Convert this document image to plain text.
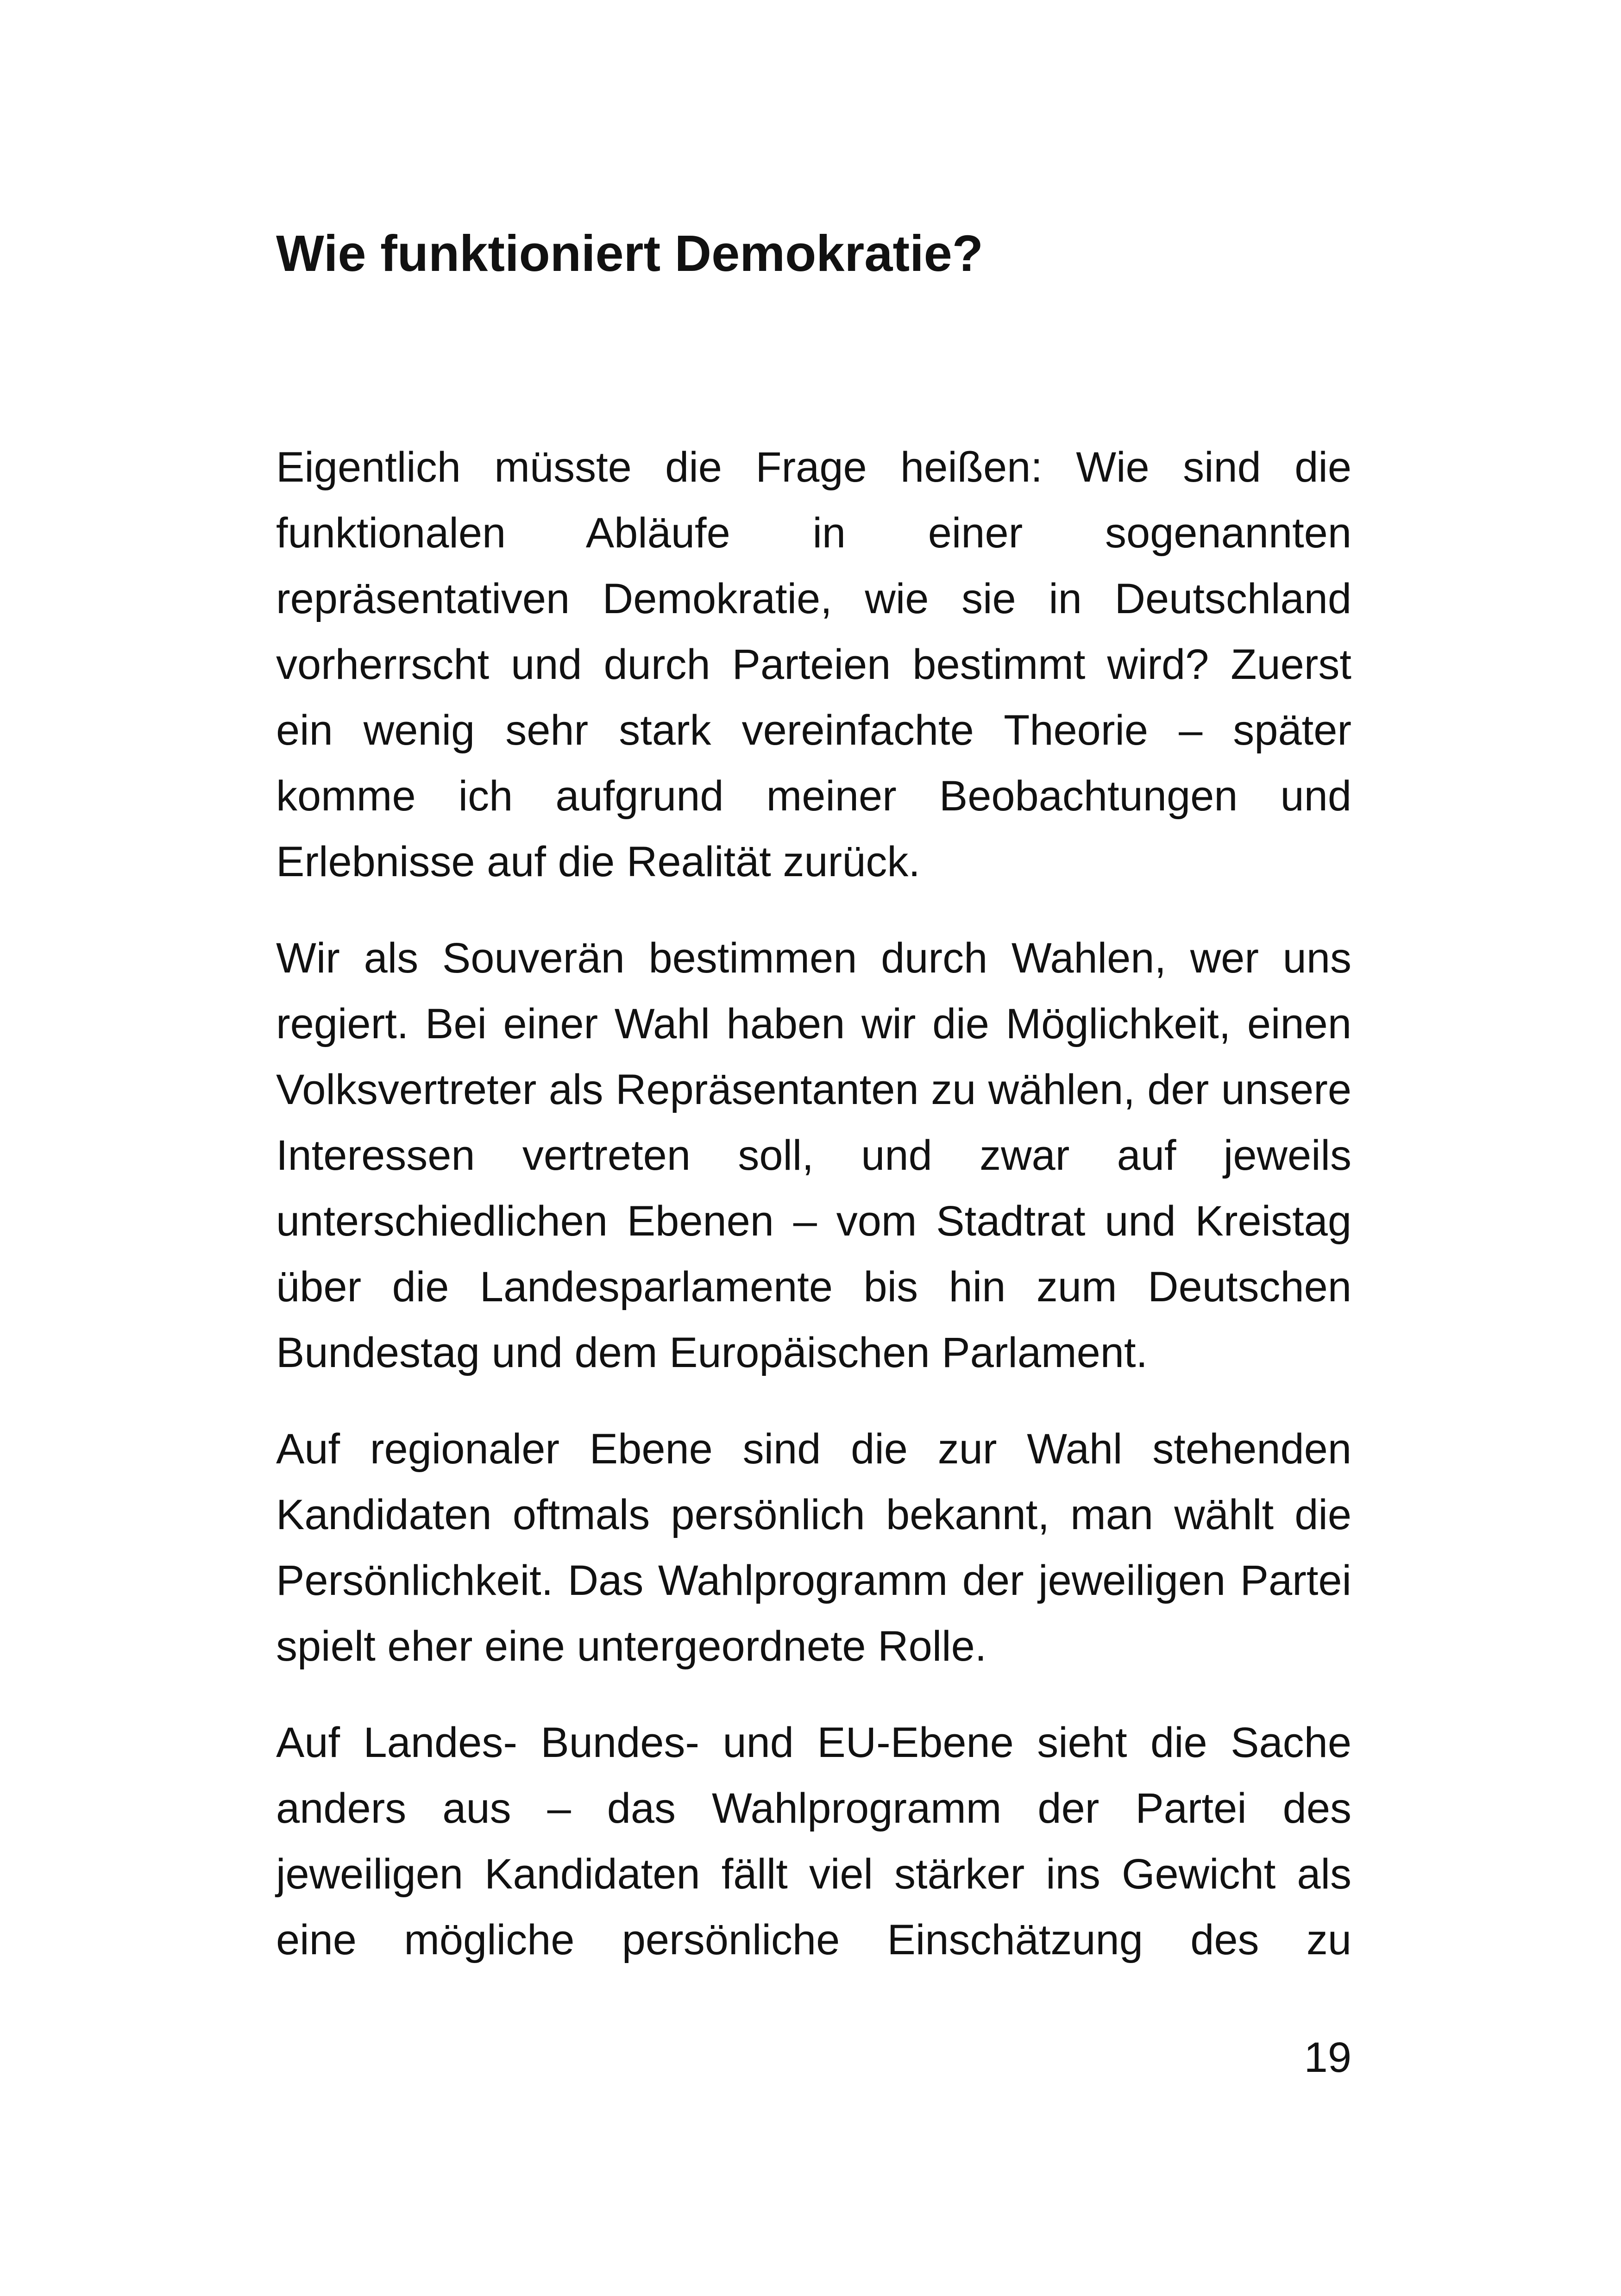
Wie funktioniert Demokratie?

Eigentlich müsste die Frage heißen: Wie sind die funktionalen Abläufe in einer sogenannten repräsentativen Demokratie, wie sie in Deutschland vorherrscht und durch Parteien bestimmt wird? Zuerst ein wenig sehr stark vereinfachte Theorie – später komme ich aufgrund meiner Beobachtungen und Erlebnisse auf die Realität zurück.

Wir als Souverän bestimmen durch Wahlen, wer uns regiert. Bei einer Wahl haben wir die Möglichkeit, einen Volksvertreter als Repräsentanten zu wählen, der unsere Interessen vertreten soll, und zwar auf jeweils unterschiedlichen Ebenen – vom Stadtrat und Kreistag über die Landesparlamente bis hin zum Deutschen Bundestag und dem Europäischen Parlament.

Auf regionaler Ebene sind die zur Wahl stehenden Kandidaten oftmals persönlich bekannt, man wählt die Persönlichkeit. Das Wahlprogramm der jeweiligen Partei spielt eher eine untergeordnete Rolle.

Auf Landes- Bundes- und EU-Ebene sieht die Sache anders aus – das Wahlprogramm der Partei des jeweiligen Kandidaten fällt viel stärker ins Gewicht als eine mögliche persönliche Einschätzung des zu

19
